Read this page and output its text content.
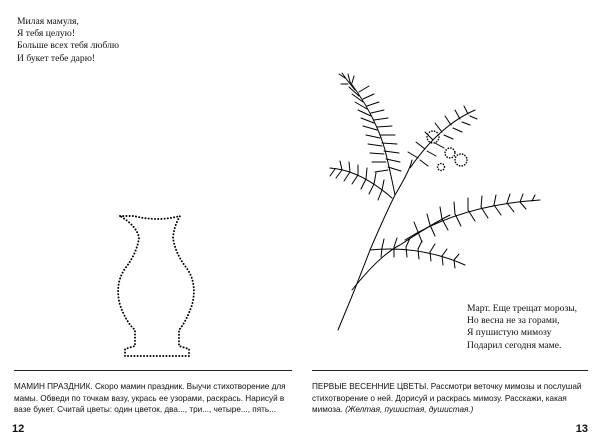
Милая мамуля,
Я тебя целую!
Больше всех тебя люблю
И букет тебе дарю!
МАМИН ПРАЗДНИК. Скоро мамин праздник. Выучи стихотворение для мамы. Обведи по точкам вазу, укрась ее узорами, раскрась. Нарисуй в вазе букет. Считай цветы: один цветок, два..., три..., четыре..., пять...
12
Март. Еще трещат морозы,
Но весна не за горами,
Я пушистую мимозу
Подарил сегодня маме.
ПЕРВЫЕ ВЕСЕННИЕ ЦВЕТЫ. Рассмотри веточку мимозы и послушай стихотворение о ней. Дорисуй и раскрась мимозу. Расскажи, какая мимоза. (Желтая, пушистая, душистая.)
13
